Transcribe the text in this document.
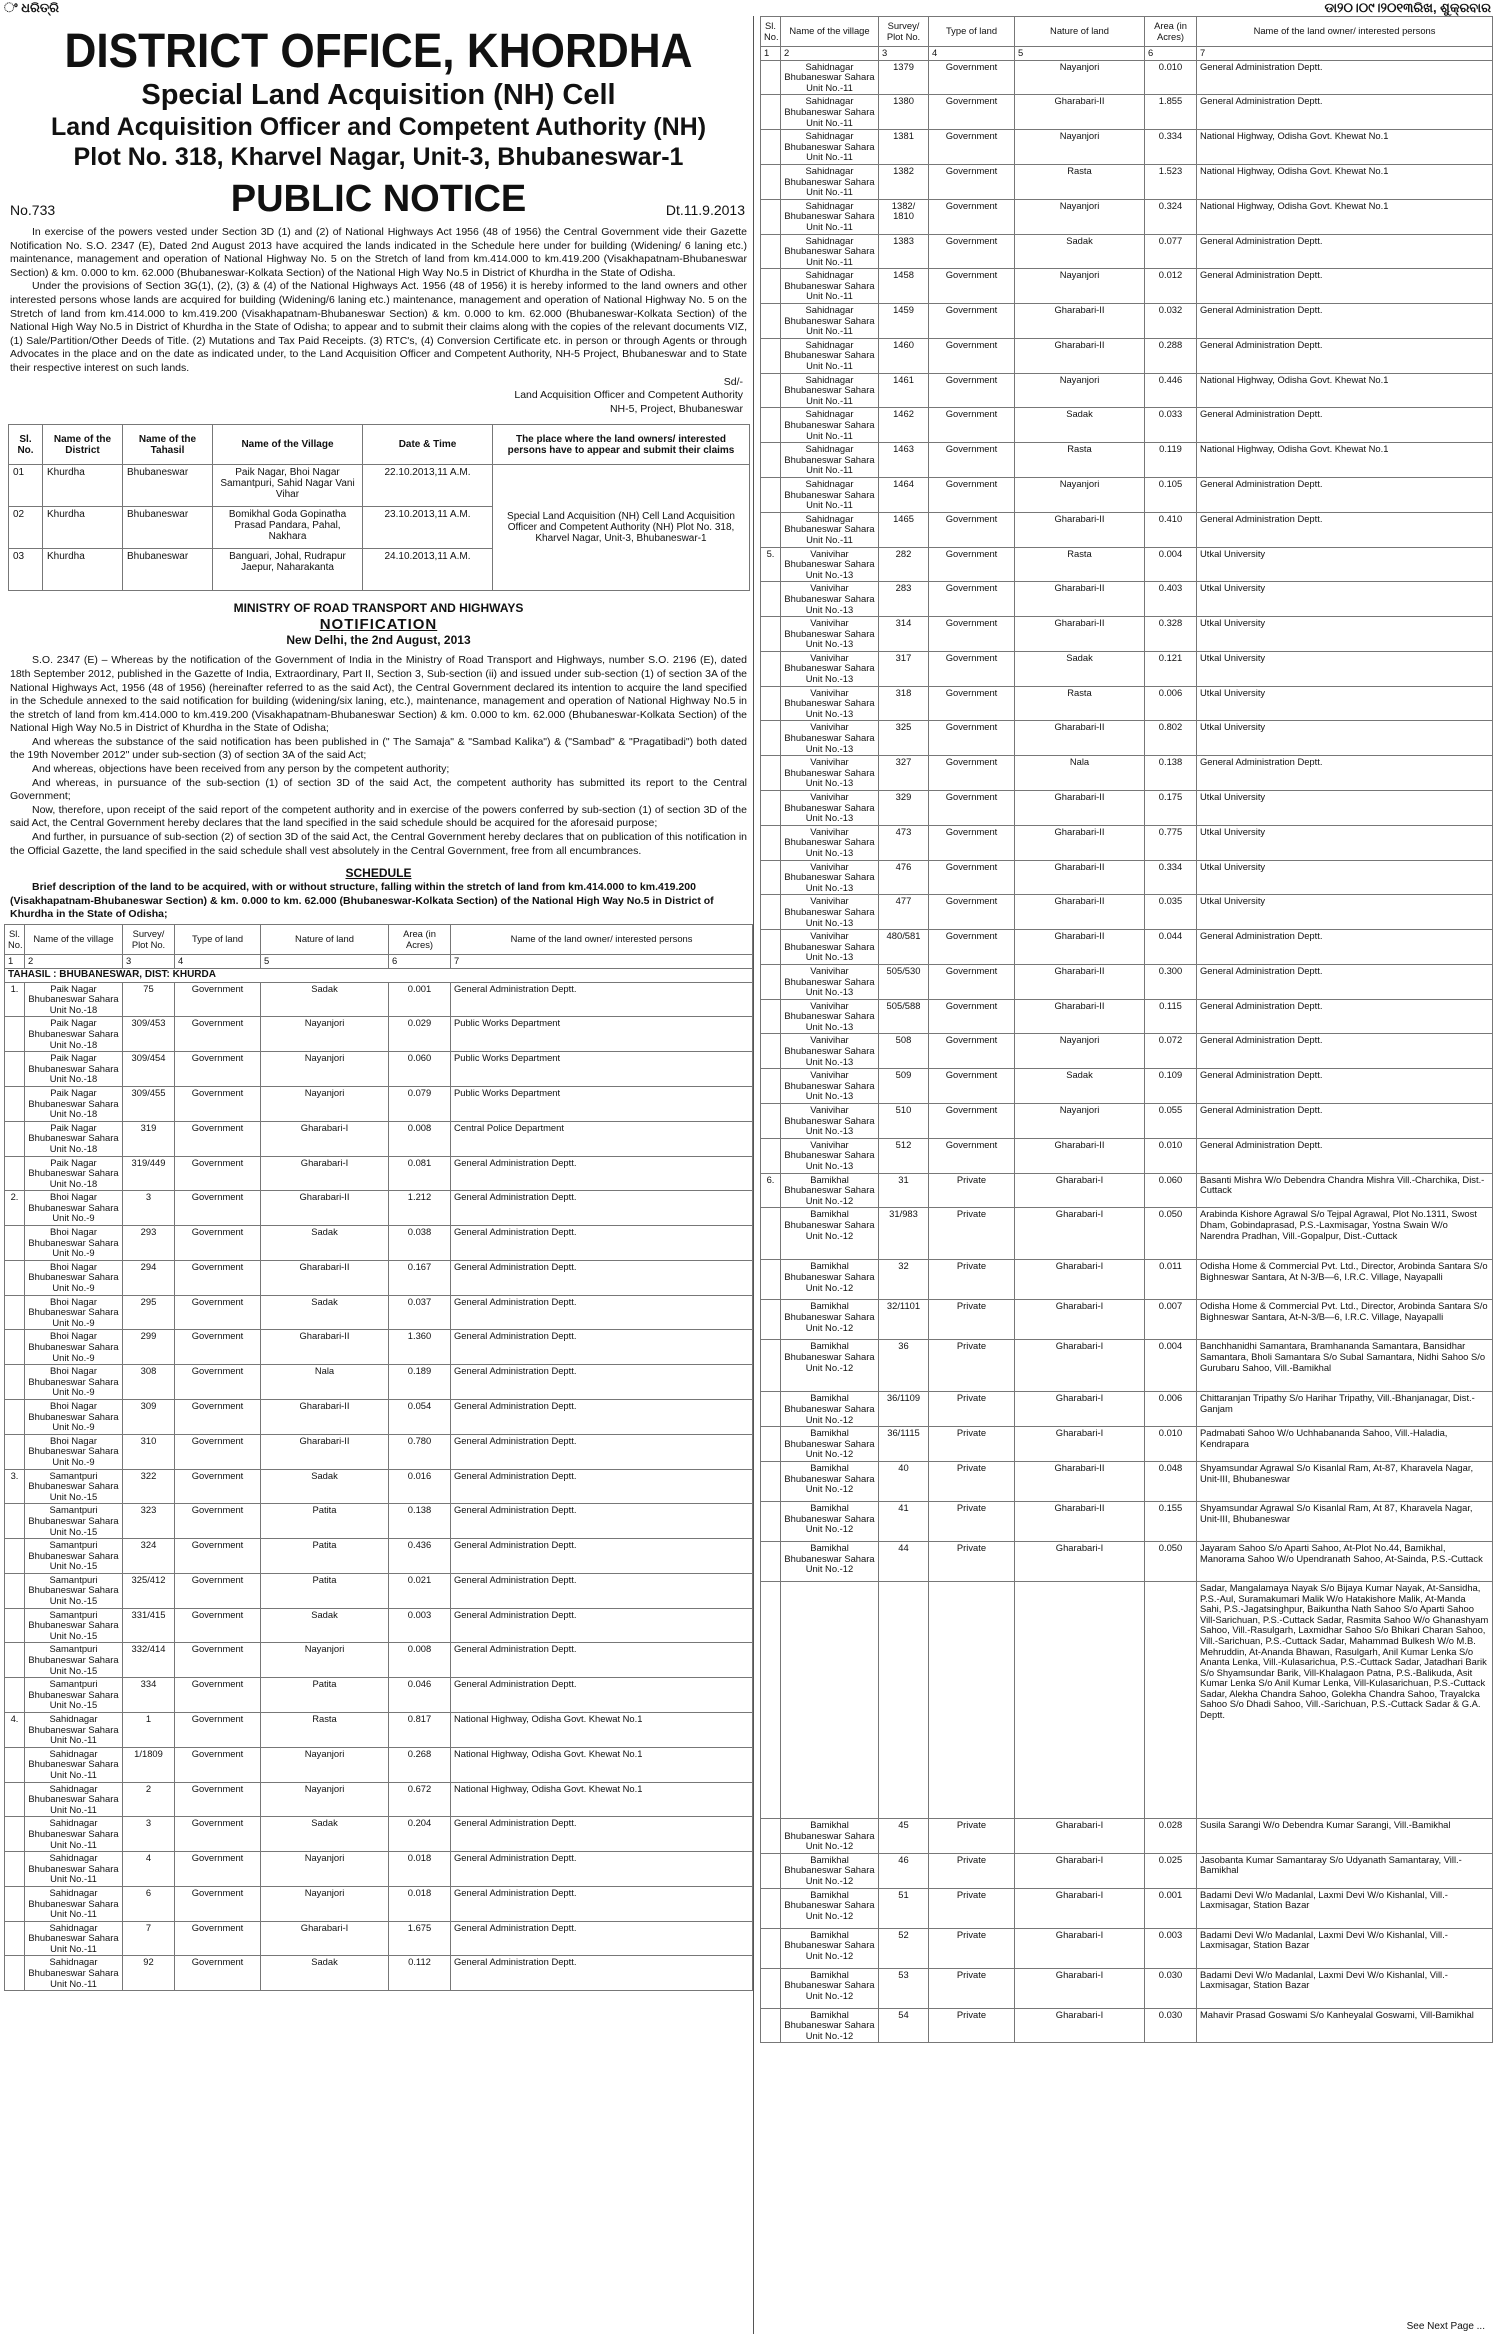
ଂ ଧରିତ୍ରି	ଡା୨୦।୦୯।୨୦୧୩ରିଖ, ଶୁକ୍ରବାର
DISTRICT OFFICE, KHORDHA
Special Land Acquisition (NH) Cell
Land Acquisition Officer and Competent Authority (NH)
Plot No. 318, Kharvel Nagar, Unit-3, Bhubaneswar-1
No.733	PUBLIC NOTICE	Dt.11.9.2013

In exercise of the powers vested under Section 3D (1) and (2) of National Highways Act 1956 (48 of 1956) the Central Government vide their Gazette Notification No. S.O. 2347 (E), Dated 2nd August 2013 have acquired the lands indicated in the Schedule here under for building (Widening/ 6 laning etc.) maintenance, management and operation of National Highway No. 5 on the Stretch of land from km.414.000 to km.419.200 (Visakhapatnam-Bhubaneswar Section) & km. 0.000 to km. 62.000 (Bhubaneswar-Kolkata Section) of the National High Way No.5 in District of Khurdha in the State of Odisha.

Under the provisions of Section 3G(1), (2), (3) & (4) of the National Highways Act. 1956 (48 of 1956) it is hereby informed to the land owners and other interested persons whose lands are acquired for building (Widening/6 laning etc.) maintenance, management and operation of National Highway No. 5 on the Stretch of land from km.414.000 to km.419.200 (Visakhapatnam-Bhubaneswar Section) & km. 0.000 to km. 62.000 (Bhubaneswar-Kolkata Section) of the National High Way No.5 in District of Khurdha in the State of Odisha; to appear and to submit their claims along with the copies of the relevant documents VIZ, (1) Sale/Partition/Other Deeds of Title. (2) Mutations and Tax Paid Receipts. (3) RTC's, (4) Conversion Certificate etc. in person or through Agents or through Advocates in the place and on the date as indicated under, to the Land Acquisition Officer and Competent Authority, NH-5 Project, Bhubaneswar and to State their respective interest on such lands.

Sd/-
Land Acquisition Officer and Competent Authority
NH-5, Project, Bhubaneswar
Sl. No.	Name of the District	Name of the Tahasil	Name of the Village	Date & Time	The place where the land owners/ interested persons have to appear and submit their claims
01	Khurdha	Bhubaneswar	Paik Nagar, Bhoi Nagar Samantpuri, Sahid Nagar Vani Vihar	22.10.2013,11 A.M.	Special Land Acquisition (NH) Cell Land Acquisition Officer and Competent Authority (NH) Plot No. 318, Kharvel Nagar, Unit-3, Bhubaneswar-1
02	Khurdha	Bhubaneswar	Bomikhal Goda Gopinatha Prasad Pandara, Pahal, Nakhara	23.10.2013,11 A.M.	
03	Khurdha	Bhubaneswar	Banguari, Johal, Rudrapur Jaepur, Naharakanta	24.10.2013,11 A.M.	
MINISTRY OF ROAD TRANSPORT AND HIGHWAYS
NOTIFICATION
New Delhi, the 2nd August, 2013

S.O. 2347 (E) – Whereas by the notification of the Government of India in the Ministry of Road Transport and Highways, number S.O. 2196 (E), dated 18th September 2012, published in the Gazette of India, Extraordinary, Part II, Section 3, Sub-section (ii) and issued under sub-section (1) of section 3A of the National Highways Act, 1956 (48 of 1956) (hereinafter referred to as the said Act), the Central Government declared its intention to acquire the land specified in the Schedule annexed to the said notification for building (widening/six laning, etc.), maintenance, management and operation of National Highway No.5 in the stretch of land from km.414.000 to km.419.200 (Visakhapatnam-Bhubaneswar Section) & km. 0.000 to km. 62.000 (Bhubaneswar-Kolkata Section) of the National High Way No.5 in District of Khurdha in the State of Odisha;

And whereas the substance of the said notification has been published in (" The Samaja" & "Sambad Kalika") & ("Sambad" & "Pragatibadi") both dated the 19th November 2012" under sub-section (3) of section 3A of the said Act;

And whereas, objections have been received from any person by the competent authority;

And whereas, in pursuance of the sub-section (1) of section 3D of the said Act, the competent authority has submitted its report to the Central Government;

Now, therefore, upon receipt of the said report of the competent authority and in exercise of the powers conferred by sub-section (1) of section 3D of the said Act, the Central Government hereby declares that the land specified in the said schedule should be acquired for the aforesaid purpose;

And further, in pursuance of sub-section (2) of section 3D of the said Act, the Central Government hereby declares that on publication of this notification in the Official Gazette, the land specified in the said schedule shall vest absolutely in the Central Government, free from all encumbrances.

SCHEDULE

Brief description of the land to be acquired, with or without structure, falling within the stretch of land from km.414.000 to km.419.200 (Visakhapatnam-Bhubaneswar Section) & km. 0.000 to km. 62.000 (Bhubaneswar-Kolkata Section) of the National High Way No.5 in District of Khurdha in the State of Odisha;

Sl. No.	Name of the village	Survey/ Plot No.	Type of land	Nature of land	Area (in Acres)	Name of the land owner/ interested persons
1	2	3	4	5	6	7
TAHASIL : BHUBANESWAR, DIST: KHURDA						
1.	Paik Nagar Bhubaneswar Sahara Unit No.-18	75	Government	Sadak	0.001	General Administration Deptt.
	Paik Nagar Bhubaneswar Sahara Unit No.-18	309/453	Government	Nayanjori	0.029	Public Works Department
	Paik Nagar Bhubaneswar Sahara Unit No.-18	309/454	Government	Nayanjori	0.060	Public Works Department
	Paik Nagar Bhubaneswar Sahara Unit No.-18	309/455	Government	Nayanjori	0.079	Public Works Department
	Paik Nagar Bhubaneswar Sahara Unit No.-18	319	Government	Gharabari-I	0.008	Central Police Department
	Paik Nagar Bhubaneswar Sahara Unit No.-18	319/449	Government	Gharabari-I	0.081	General Administration Deptt.
2.	Bhoi Nagar Bhubaneswar Sahara Unit No.-9	3	Government	Gharabari-II	1.212	General Administration Deptt.
	Bhoi Nagar Bhubaneswar Sahara Unit No.-9	293	Government	Sadak	0.038	General Administration Deptt.
	Bhoi Nagar Bhubaneswar Sahara Unit No.-9	294	Government	Gharabari-II	0.167	General Administration Deptt.
	Bhoi Nagar Bhubaneswar Sahara Unit No.-9	295	Government	Sadak	0.037	General Administration Deptt.
	Bhoi Nagar Bhubaneswar Sahara Unit No.-9	299	Government	Gharabari-II	1.360	General Administration Deptt.
	Bhoi Nagar Bhubaneswar Sahara Unit No.-9	308	Government	Nala	0.189	General Administration Deptt.
	Bhoi Nagar Bhubaneswar Sahara Unit No.-9	309	Government	Gharabari-II	0.054	General Administration Deptt.
	Bhoi Nagar Bhubaneswar Sahara Unit No.-9	310	Government	Gharabari-II	0.780	General Administration Deptt.
3.	Samantpuri Bhubaneswar Sahara Unit No.-15	322	Government	Sadak	0.016	General Administration Deptt.
	Samantpuri Bhubaneswar Sahara Unit No.-15	323	Government	Patita	0.138	General Administration Deptt.
	Samantpuri Bhubaneswar Sahara Unit No.-15	324	Government	Patita	0.436	General Administration Deptt.
	Samantpuri Bhubaneswar Sahara Unit No.-15	325/412	Government	Patita	0.021	General Administration Deptt.
	Samantpuri Bhubaneswar Sahara Unit No.-15	331/415	Government	Sadak	0.003	General Administration Deptt.
	Samantpuri Bhubaneswar Sahara Unit No.-15	332/414	Government	Nayanjori	0.008	General Administration Deptt.
	Samantpuri Bhubaneswar Sahara Unit No.-15	334	Government	Patita	0.046	General Administration Deptt.
4.	Sahidnagar Bhubaneswar Sahara Unit No.-11	1	Government	Rasta	0.817	National Highway, Odisha Govt. Khewat No.1
	Sahidnagar Bhubaneswar Sahara Unit No.-11	1/1809	Government	Nayanjori	0.268	National Highway, Odisha Govt. Khewat No.1
	Sahidnagar Bhubaneswar Sahara Unit No.-11	2	Government	Nayanjori	0.672	National Highway, Odisha Govt. Khewat No.1
	Sahidnagar Bhubaneswar Sahara Unit No.-11	3	Government	Sadak	0.204	General Administration Deptt.
	Sahidnagar Bhubaneswar Sahara Unit No.-11	4	Government	Nayanjori	0.018	General Administration Deptt.
	Sahidnagar Bhubaneswar Sahara Unit No.-11	6	Government	Nayanjori	0.018	General Administration Deptt.
	Sahidnagar Bhubaneswar Sahara Unit No.-11	7	Government	Gharabari-I	1.675	General Administration Deptt.
	Sahidnagar Bhubaneswar Sahara Unit No.-11	92	Government	Sadak	0.112	General Administration Deptt.
Sl. No.	Name of the village	Survey/ Plot No.	Type of land	Nature of land	Area (in Acres)	Name of the land owner/ interested persons
1	2	3	4	5	6	7
	Sahidnagar Bhubaneswar Sahara Unit No.-11	1379	Government	Nayanjori	0.010	General Administration Deptt.
	Sahidnagar Bhubaneswar Sahara Unit No.-11	1380	Government	Gharabari-II	1.855	General Administration Deptt.
	Sahidnagar Bhubaneswar Sahara Unit No.-11	1381	Government	Nayanjori	0.334	National Highway, Odisha Govt. Khewat No.1
	Sahidnagar Bhubaneswar Sahara Unit No.-11	1382	Government	Rasta	1.523	National Highway, Odisha Govt. Khewat No.1
	Sahidnagar Bhubaneswar Sahara Unit No.-11	1382/ 1810	Government	Nayanjori	0.324	National Highway, Odisha Govt. Khewat No.1
	Sahidnagar Bhubaneswar Sahara Unit No.-11	1383	Government	Sadak	0.077	General Administration Deptt.
	Sahidnagar Bhubaneswar Sahara Unit No.-11	1458	Government	Nayanjori	0.012	General Administration Deptt.
	Sahidnagar Bhubaneswar Sahara Unit No.-11	1459	Government	Gharabari-II	0.032	General Administration Deptt.
	Sahidnagar Bhubaneswar Sahara Unit No.-11	1460	Government	Gharabari-II	0.288	General Administration Deptt.
	Sahidnagar Bhubaneswar Sahara Unit No.-11	1461	Government	Nayanjori	0.446	National Highway, Odisha Govt. Khewat No.1
	Sahidnagar Bhubaneswar Sahara Unit No.-11	1462	Government	Sadak	0.033	General Administration Deptt.
	Sahidnagar Bhubaneswar Sahara Unit No.-11	1463	Government	Rasta	0.119	National Highway, Odisha Govt. Khewat No.1
	Sahidnagar Bhubaneswar Sahara Unit No.-11	1464	Government	Nayanjori	0.105	General Administration Deptt.
	Sahidnagar Bhubaneswar Sahara Unit No.-11	1465	Government	Gharabari-II	0.410	General Administration Deptt.
5.	Vanivihar Bhubaneswar Sahara Unit No.-13	282	Government	Rasta	0.004	Utkal University
	Vanivihar Bhubaneswar Sahara Unit No.-13	283	Government	Gharabari-II	0.403	Utkal University
	Vanivihar Bhubaneswar Sahara Unit No.-13	314	Government	Gharabari-II	0.328	Utkal University
	Vanivihar Bhubaneswar Sahara Unit No.-13	317	Government	Sadak	0.121	Utkal University
	Vanivihar Bhubaneswar Sahara Unit No.-13	318	Government	Rasta	0.006	Utkal University
	Vanivihar Bhubaneswar Sahara Unit No.-13	325	Government	Gharabari-II	0.802	Utkal University
	Vanivihar Bhubaneswar Sahara Unit No.-13	327	Government	Nala	0.138	General Administration Deptt.
	Vanivihar Bhubaneswar Sahara Unit No.-13	329	Government	Gharabari-II	0.175	Utkal University
	Vanivihar Bhubaneswar Sahara Unit No.-13	473	Government	Gharabari-II	0.775	Utkal University
	Vanivihar Bhubaneswar Sahara Unit No.-13	476	Government	Gharabari-II	0.334	Utkal University
	Vanivihar Bhubaneswar Sahara Unit No.-13	477	Government	Gharabari-II	0.035	Utkal University
	Vanivihar Bhubaneswar Sahara Unit No.-13	480/581	Government	Gharabari-II	0.044	General Administration Deptt.
	Vanivihar Bhubaneswar Sahara Unit No.-13	505/530	Government	Gharabari-II	0.300	General Administration Deptt.
	Vanivihar Bhubaneswar Sahara Unit No.-13	505/588	Government	Gharabari-II	0.115	General Administration Deptt.
	Vanivihar Bhubaneswar Sahara Unit No.-13	508	Government	Nayanjori	0.072	General Administration Deptt.
	Vanivihar Bhubaneswar Sahara Unit No.-13	509	Government	Sadak	0.109	General Administration Deptt.
	Vanivihar Bhubaneswar Sahara Unit No.-13	510	Government	Nayanjori	0.055	General Administration Deptt.
	Vanivihar Bhubaneswar Sahara Unit No.-13	512	Government	Gharabari-II	0.010	General Administration Deptt.
6.	Bamikhal Bhubaneswar Sahara Unit No.-12	31	Private	Gharabari-I	0.060	Basanti Mishra W/o Debendra Chandra Mishra Vill.-Charchika, Dist.-Cuttack
	Bamikhal Bhubaneswar Sahara Unit No.-12	31/983	Private	Gharabari-I	0.050	Arabinda Kishore Agrawal S/o Tejpal Agrawal, Plot No.1311, Swost Dham, Gobindaprasad, P.S.-Laxmisagar, Yostna Swain W/o Narendra Pradhan, Vill.-Gopalpur, Dist.-Cuttack
	Bamikhal Bhubaneswar Sahara Unit No.-12	32	Private	Gharabari-I	0.011	Odisha Home & Commercial Pvt. Ltd., Director, Arobinda Santara S/o Bighneswar Santara, At N-3/B—6, I.R.C. Village, Nayapalli
	Bamikhal Bhubaneswar Sahara Unit No.-12	32/1101	Private	Gharabari-I	0.007	Odisha Home & Commercial Pvt. Ltd., Director, Arobinda Santara S/o Bighneswar Santara, At-N-3/B—6, I.R.C. Village, Nayapalli
	Bamikhal Bhubaneswar Sahara Unit No.-12	36	Private	Gharabari-I	0.004	Banchhanidhi Samantara, Bramhananda Samantara, Bansidhar Samantara, Bholi Samantara S/o Subal Samantara, Nidhi Sahoo S/o Gurubaru Sahoo, Vill.-Bamikhal
	Bamikhal Bhubaneswar Sahara Unit No.-12	36/1109	Private	Gharabari-I	0.006	Chittaranjan Tripathy S/o Harihar Tripathy, Vill.-Bhanjanagar, Dist.-Ganjam
	Bamikhal Bhubaneswar Sahara Unit No.-12	36/1115	Private	Gharabari-I	0.010	Padmabati Sahoo W/o Uchhabananda Sahoo, Vill.-Haladia, Kendrapara
	Bamikhal Bhubaneswar Sahara Unit No.-12	40	Private	Gharabari-II	0.048	Shyamsundar Agrawal S/o Kisanlal Ram, At-87, Kharavela Nagar, Unit-III, Bhubaneswar
	Bamikhal Bhubaneswar Sahara Unit No.-12	41	Private	Gharabari-II	0.155	Shyamsundar Agrawal S/o Kisanlal Ram, At 87, Kharavela Nagar, Unit-III, Bhubaneswar
	Bamikhal Bhubaneswar Sahara Unit No.-12	44	Private	Gharabari-I	0.050	Jayaram Sahoo S/o Aparti Sahoo, At-Plot No.44, Bamikhal, Manorama Sahoo W/o Upendranath Sahoo, At-Sainda, P.S.-Cuttack
						Sadar, Mangalamaya Nayak S/o Bijaya Kumar Nayak, At-Sansidha, P.S.-Aul, Suramakumari Malik W/o Hatakishore Malik, At-Manda Sahi, P.S.-Jagatsinghpur, Baikuntha Nath Sahoo S/o Aparti Sahoo Vill-Sarichuan, P.S.-Cuttack Sadar, Rasmita Sahoo W/o Ghanashyam Sahoo, Vill.-Rasulgarh, Laxmidhar Sahoo S/o Bhikari Charan Sahoo, Vill.-Sarichuan, P.S.-Cuttack Sadar, Mahammad Bulkesh W/o M.B. Mehruddin, At-Ananda Bhawan, Rasulgarh, Anil Kumar Lenka S/o Ananta Lenka, Vill.-Kulasarichua, P.S.-Cuttack Sadar, Jatadhari Barik S/o Shyamsundar Barik, Vill-Khalagaon Patna, P.S.-Balikuda, Asit Kumar Lenka S/o Anil Kumar Lenka, Vill-Kulasarichuan, P.S.-Cuttack Sadar, Alekha Chandra Sahoo, Golekha Chandra Sahoo, Trayalcka Sahoo S/o Dhadi Sahoo, Vill.-Sarichuan, P.S.-Cuttack Sadar & G.A. Deptt.
	Bamikhal Bhubaneswar Sahara Unit No.-12	45	Private	Gharabari-I	0.028	Susila Sarangi W/o Debendra Kumar Sarangi, Vill.-Bamikhal
	Bamikhal Bhubaneswar Sahara Unit No.-12	46	Private	Gharabari-I	0.025	Jasobanta Kumar Samantaray S/o Udyanath Samantaray, Vill.-Bamikhal
	Bamikhal Bhubaneswar Sahara Unit No.-12	51	Private	Gharabari-I	0.001	Badami Devi W/o Madanlal, Laxmi Devi W/o Kishanlal, Vill.-Laxmisagar, Station Bazar
	Bamikhal Bhubaneswar Sahara Unit No.-12	52	Private	Gharabari-I	0.003	Badami Devi W/o Madanlal, Laxmi Devi W/o Kishanlal, Vill.-Laxmisagar, Station Bazar
	Bamikhal Bhubaneswar Sahara Unit No.-12	53	Private	Gharabari-I	0.030	Badami Devi W/o Madanlal, Laxmi Devi W/o Kishanlal, Vill.-Laxmisagar, Station Bazar
	Bamikhal Bhubaneswar Sahara Unit No.-12	54	Private	Gharabari-I	0.030	Mahavir Prasad Goswami S/o Kanheyalal Goswami, Vill-Bamikhal
See Next Page ...
